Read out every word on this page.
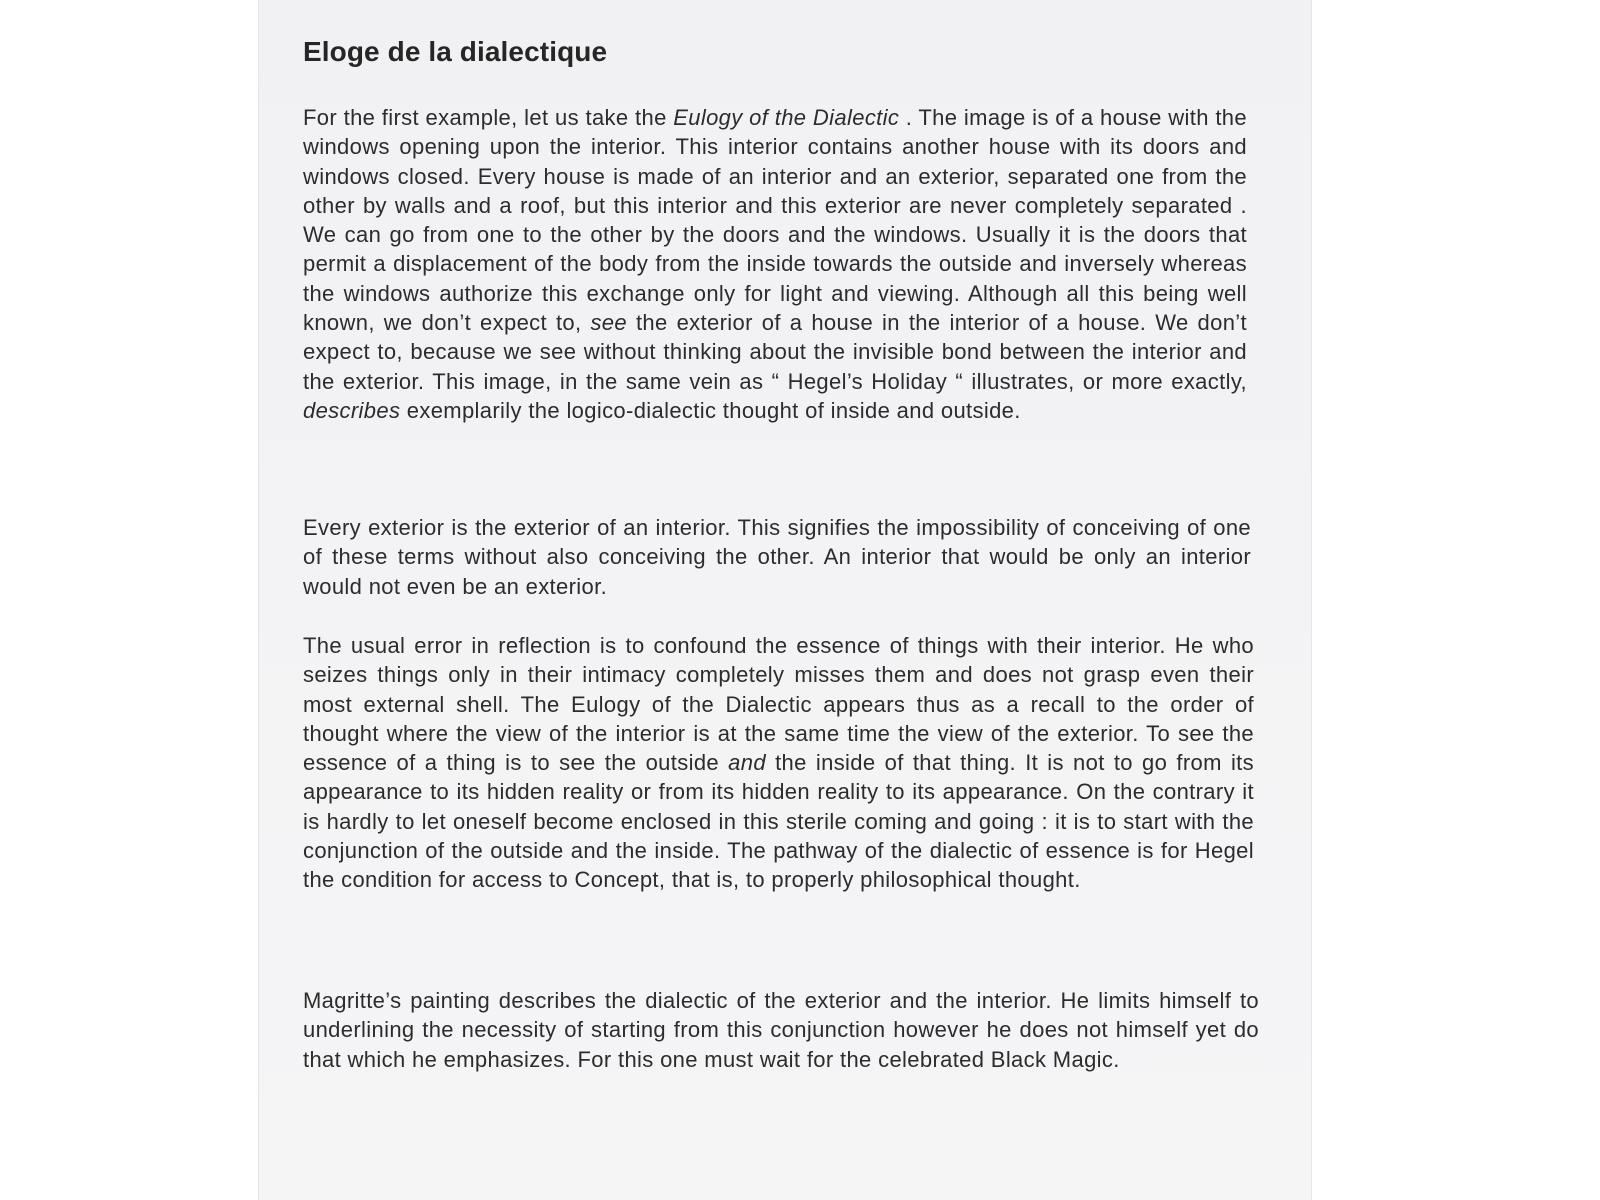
Eloge de la dialectique

For the first example, let us take the Eulogy of the Dialectic . The image is of a house with the windows opening upon the interior. This interior contains another house with its doors and windows closed. Every house is made of an interior and an exterior, separated one from the other by walls and a roof, but this interior and this exterior are never completely separated . We can go from one to the other by the doors and the windows. Usually it is the doors that permit a displacement of the body from the inside towards the outside and inversely whereas the windows authorize this exchange only for light and viewing. Although all this being well known, we don’t expect to, see the exterior of a house in the interior of a house. We don’t expect to, because we see without thinking about the invisible bond between the interior and the exterior. This image, in the same vein as “ Hegel’s Holiday “ illustrates, or more exactly, describes exemplarily the logico-dialectic thought of inside and outside.

Every exterior is the exterior of an interior. This signifies the impossibility of conceiving of one of these terms without also conceiving the other. An interior that would be only an interior would not even be an exterior.

The usual error in reflection is to confound the essence of things with their interior. He who seizes things only in their intimacy completely misses them and does not grasp even their most external shell. The Eulogy of the Dialectic appears thus as a recall to the order of thought where the view of the interior is at the same time the view of the exterior. To see the essence of a thing is to see the outside and the inside of that thing. It is not to go from its appearance to its hidden reality or from its hidden reality to its appearance. On the contrary it is hardly to let oneself become enclosed in this sterile coming and going : it is to start with the conjunction of the outside and the inside. The pathway of the dialectic of essence is for Hegel the condition for access to Concept, that is, to properly philosophical thought.

Magritte’s painting describes the dialectic of the exterior and the interior. He limits himself to underlining the necessity of starting from this conjunction however he does not himself yet do that which he emphasizes. For this one must wait for the celebrated Black Magic.
